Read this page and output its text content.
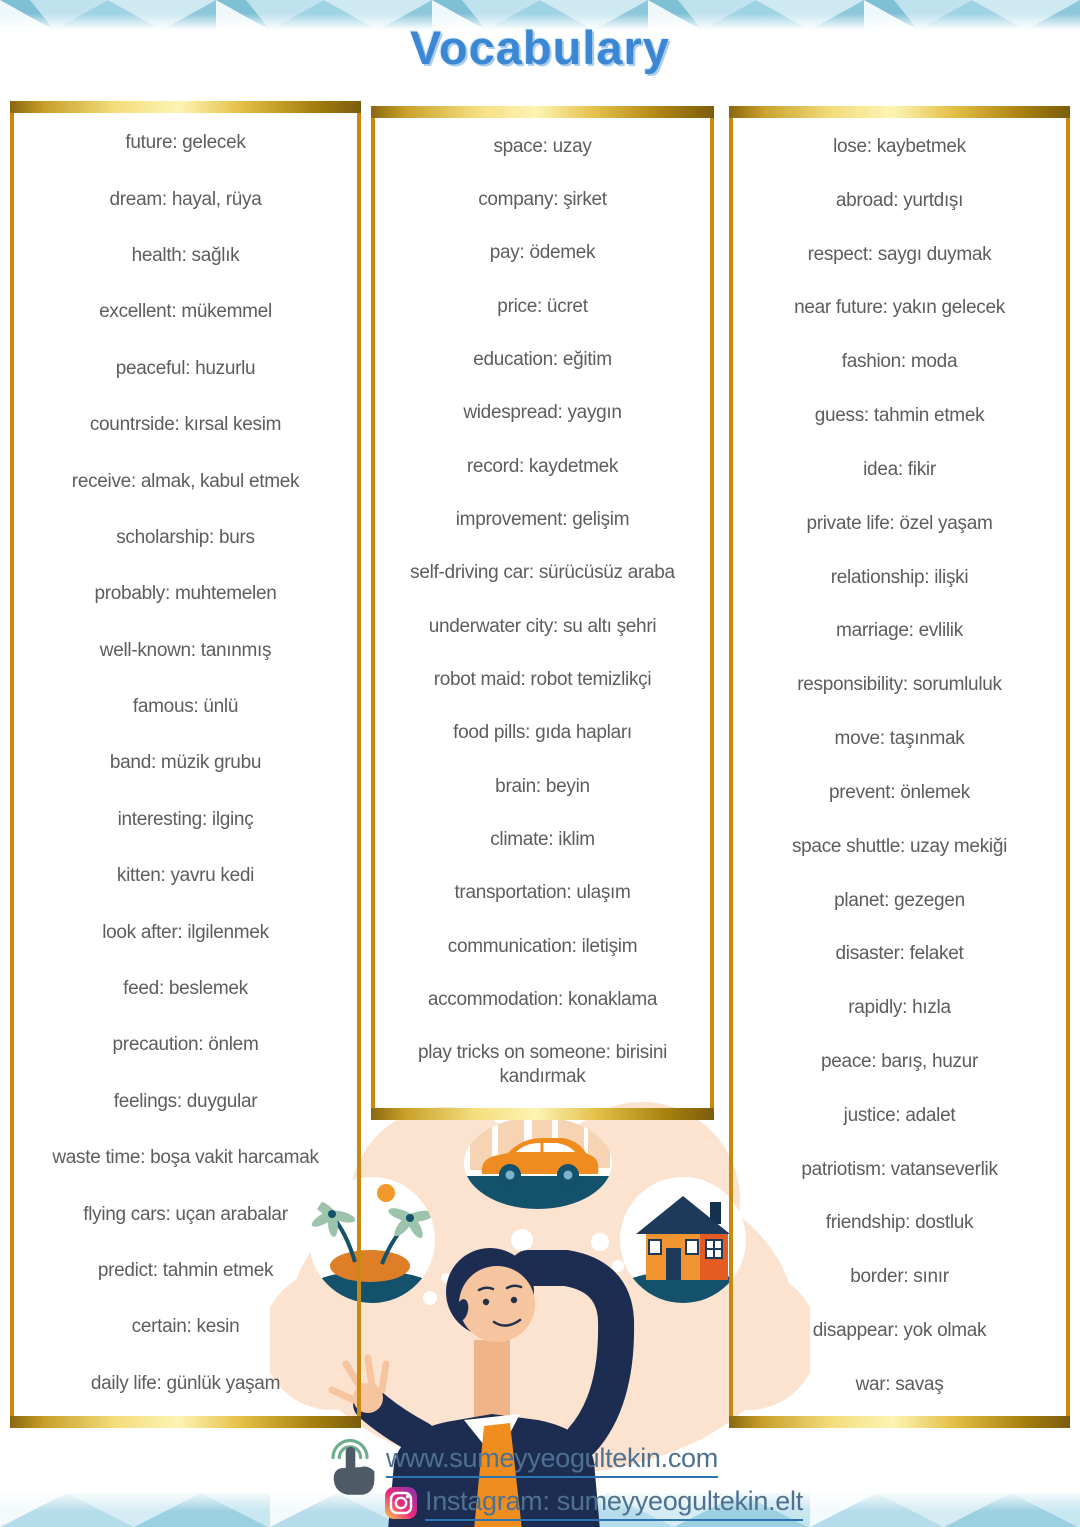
Vocabulary
future: gelecek
dream: hayal, rüya
health: sağlık
excellent: mükemmel
peaceful: huzurlu
countrside: kırsal kesim
receive: almak, kabul etmek
scholarship: burs
probably: muhtemelen
well-known: tanınmış
famous: ünlü
band: müzik grubu
interesting: ilginç
kitten: yavru kedi
look after: ilgilenmek
feed: beslemek
precaution: önlem
feelings: duygular
waste time: boşa vakit harcamak
flying cars: uçan arabalar
predict: tahmin etmek
certain: kesin
daily life: günlük yaşam
space: uzay
company: şirket
pay: ödemek
price: ücret
education: eğitim
widespread: yaygın
record: kaydetmek
improvement: gelişim
self-driving car: sürücüsüz araba
underwater city: su altı şehri
robot maid: robot temizlikçi
food pills: gıda hapları
brain: beyin
climate: iklim
transportation: ulaşım
communication: iletişim
accommodation: konaklama
play tricks on someone: birisini kandırmak
lose: kaybetmek
abroad: yurtdışı
respect: saygı duymak
near future: yakın gelecek
fashion: moda
guess: tahmin etmek
idea: fikir
private life: özel yaşam
relationship: ilişki
marriage: evlilik
responsibility: sorumluluk
move: taşınmak
prevent: önlemek
space shuttle: uzay mekiği
planet: gezegen
disaster: felaket
rapidly: hızla
peace: barış, huzur
justice: adalet
patriotism: vatanseverlik
friendship: dostluk
border: sınır
disappear: yok olmak
war: savaş
www.sumeyyeogultekin.com
Instagram: sumeyyeogultekin.elt
